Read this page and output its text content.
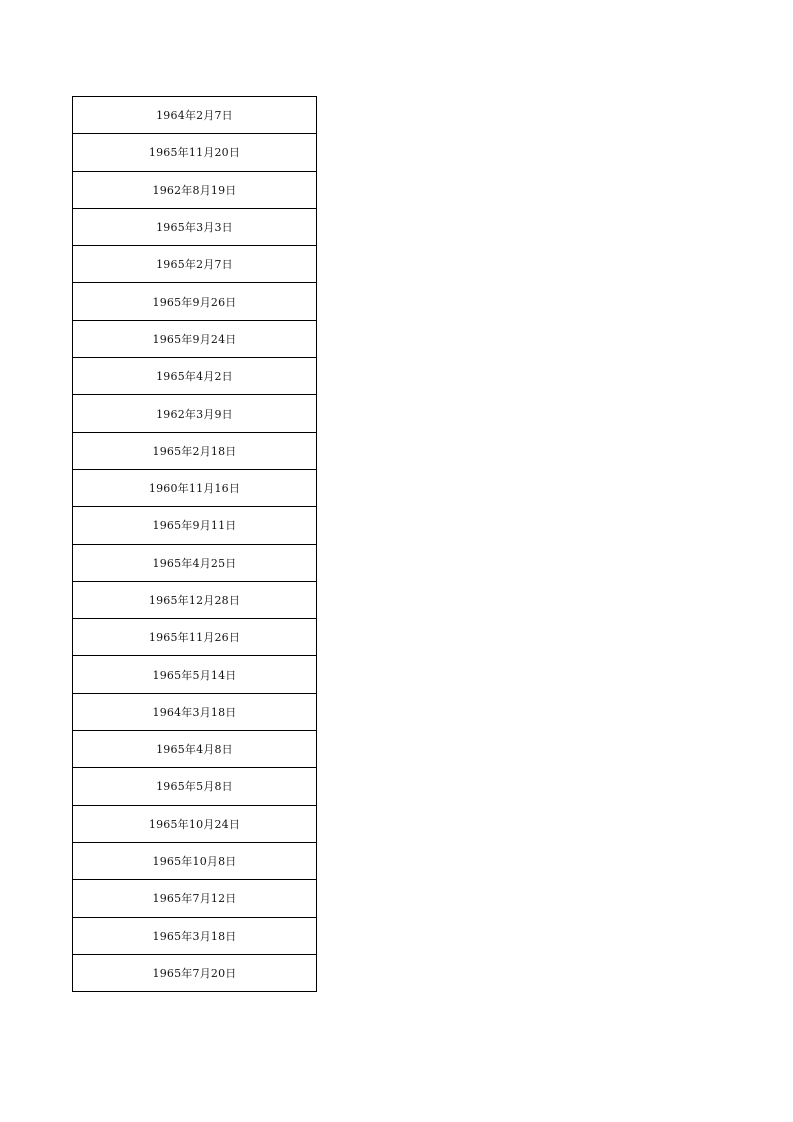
1964年2月7日
1965年11月20日
1962年8月19日
1965年3月3日
1965年2月7日
1965年9月26日
1965年9月24日
1965年4月2日
1962年3月9日
1965年2月18日
1960年11月16日
1965年9月11日
1965年4月25日
1965年12月28日
1965年11月26日
1965年5月14日
1964年3月18日
1965年4月8日
1965年5月8日
1965年10月24日
1965年10月8日
1965年7月12日
1965年3月18日
1965年7月20日
